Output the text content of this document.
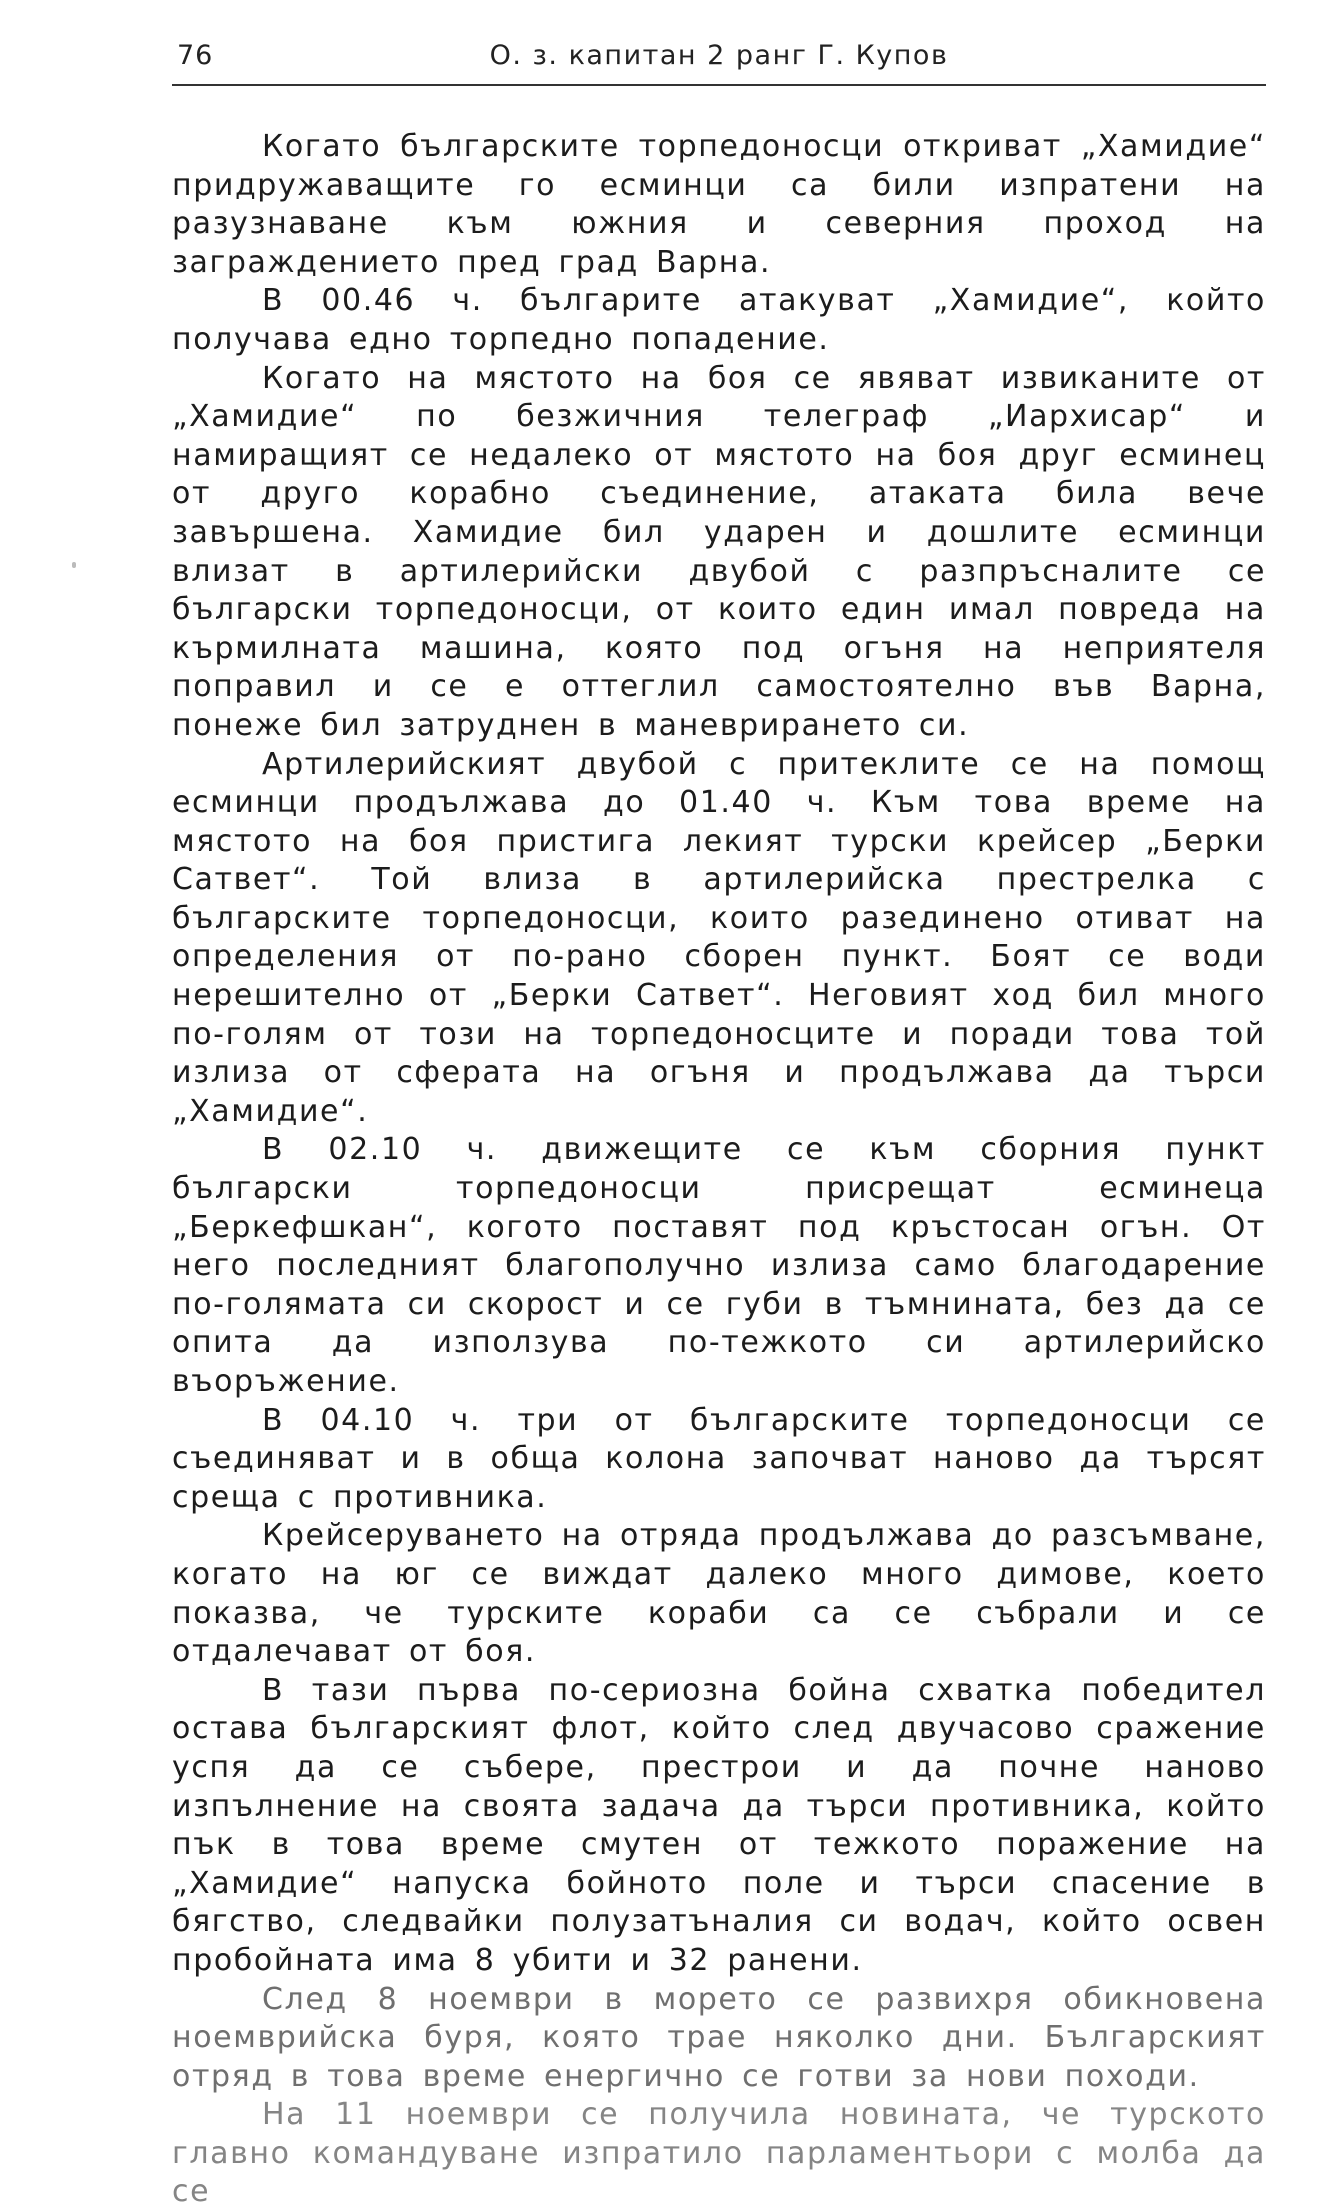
76	О. з. капитан 2 ранг Г. Купов

Когато българските торпедоносци откриват „Хамидие“ придружаващите го есминци са били изпратени на разузнаване към южния и северния проход на заграждението пред град Варна.

В 00.46 ч. българите атакуват „Хамидие“, който получава едно торпедно попадение.

Когато на мястото на боя се явяват извиканите от „Хамидие“ по безжичния телеграф „Иархисар“ и намиращият се недалеко от мястото на боя друг есминец от друго корабно съединение, атаката била вече завършена. Хамидие бил ударен и дошлите есминци влизат в артилерийски двубой с разпръсналите се български торпедоносци, от които един имал повреда на кърмилната машина, която под огъня на неприятеля поправил и се е оттеглил самостоятелно във Варна, понеже бил затруднен в маневрирането си.

Артилерийският двубой с притеклите се на помощ есминци продължава до 01.40 ч. Към това време на мястото на боя пристига лекият турски крейсер „Берки Сатвет“. Той влиза в артилерийска престрелка с българските торпедоносци, които разединено отиват на определения от по-рано сборен пункт. Боят се води нерешително от „Берки Сатвет“. Неговият ход бил много по-голям от този на торпедоносците и поради това той излиза от сферата на огъня и продължава да търси „Хамидие“.

В 02.10 ч. движещите се към сборния пункт български торпедоносци присрещат есминеца „Беркефшкан“, когото поставят под кръстосан огън. От него последният благополучно излиза само благодарение по-голямата си скорост и се губи в тъмнината, без да се опита да използува по-тежкото си артилерийско въоръжение.

В 04.10 ч. три от българските торпедоносци се съединяват и в обща колона започват наново да търсят среща с противника.

Крейсеруването на отряда продължава до разсъмване, когато на юг се виждат далеко много димове, което показва, че турските кораби са се събрали и се отдалечават от боя.

В тази първа по-сериозна бойна схватка победител остава българският флот, който след двучасово сражение успя да се събере, престрои и да почне наново изпълнение на своята задача да търси противника, който пък в това време смутен от тежкото поражение на „Хамидие“ напуска бойното поле и търси спасение в бягство, следвайки полузатъналия си водач, който освен пробойната има 8 убити и 32 ранени.

След 8 ноември в морето се развихря обикновена ноемврийска буря, която трае няколко дни. Българският отряд в това време енергично се готви за нови походи.

На 11 ноември се получила новината, че турското главно командуване изпратило парламентьори с молба да се
